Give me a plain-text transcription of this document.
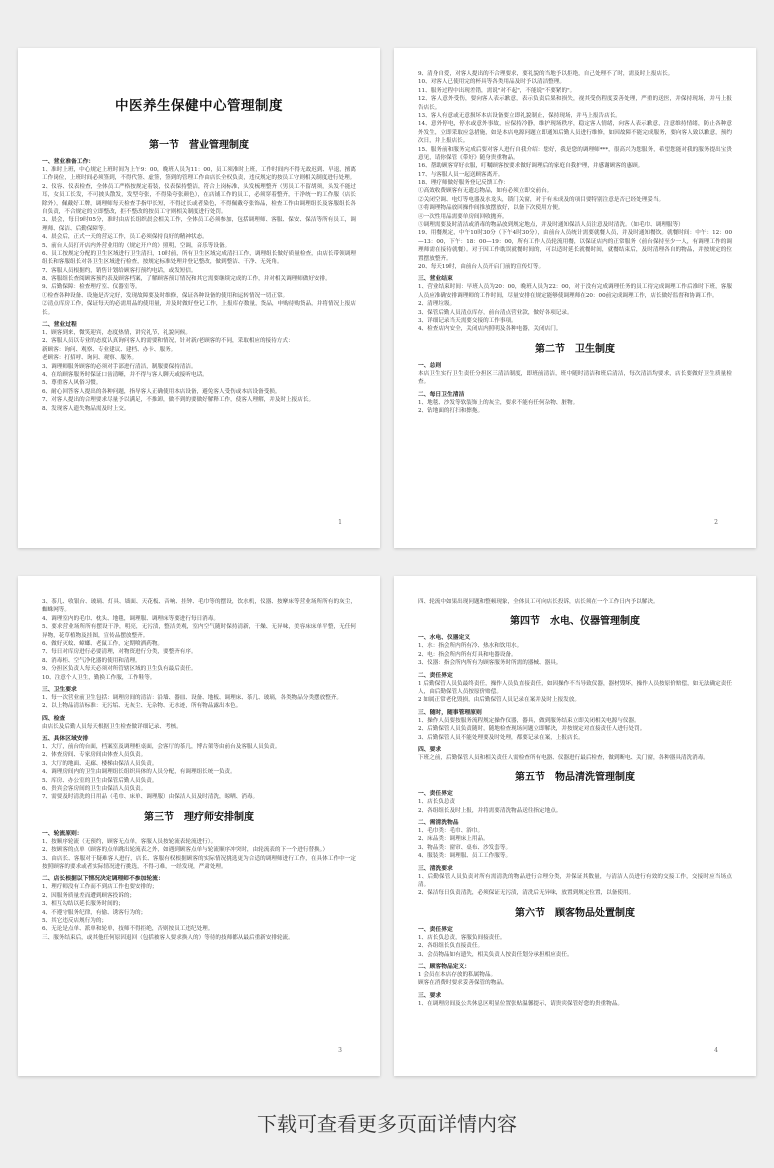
中医养生保健中心管理制度
第一节　营业管理制度
一、营业准备工作：
1、准时上班，中心规定上班时间为上午9：00，晚班人员为11：00，员工须准时上班，工作时间内不得无故迟到、早退，擅离工作岗位，上班时间必须签到，不得代签、虚签，签到的管理工作由店长全权负责，违反规定的按员工守则相关制度进行处理。
2、仪容、仪表检查，全体员工严格按规定着装，仪表保持整洁，符合上岗标准，头发梳理整齐（男员工不留胡须，头发不能过耳，女员工长发，不可披头散发，发型夸张，不得染夸张颜色），在店铺工作的员工，必须穿着整齐，干净统一的工作服（店长除外），佩戴好工牌，调理师每天检查手指甲长短，不得过长或者染色，不得佩戴夸张饰品，检查工作由调理组长及客服组长各自负责，不合规定的立即整改，拒不整改的按员工守则相关制度进行处罚。
3、晨会，每日9时05分，准时由店长组织晨会相关工作，全体员工必须参加，包括调理师、客服、保安、保洁等所有员工，调理师、保洁、后勤保障等。
4、晨会后，正式一天的营运工作，员工必须保持良好的精神状态。
5、前台人员打开店内外营业用的（规定开户的）照明，空调，音乐等设备。
6、员工按规定分配的卫生区域进行卫生清扫，10时前，所有卫生区域完成清扫工作，调理组长做好质量检查，由店长带领调理组长和客服组长对各卫生区域进行检查，按规定标准处理并登记整改，做到整洁、干净、无死角。
7、客服人员根据约，销售计划给顾客打预约电话，或发短信。
8、客服组长查阅顾客预约表及顾客档案，了解顾客预订情况和其它需要继续完成的工作，并对相关调理师做好安排。
9、后勤保障：检查理疗室、仪器室等。
①检查各种设备、设施是否完好，发现故障要及时维修，保证各种设备的使用和运转情况一切正常。
②清点库房工作，保证每天的必需用品的使用量，并及时做好登记工作，上报库存数量，货品，申购待购货品，并将情况上报店长。
二、营业过程
1、顾客到来，微笑迎宾，态度热情，讲究礼节，礼貌问候。
2、客服人员以专业的态度认真询问客人的需要和情况，针对新/老顾客的不同，采取相应的接待方式：
新顾客：询问、观察、专业建议、建档、办卡、服务。
老顾客：打招呼、询问、观察、服务。
3、调理师服务顾客的必须对手部进行清洁，制服要保持清洁。
4、在给顾客服务时保证口齿清晰，并不得与客人聊天或接听电话。
5、尊重客人风俗习惯。
6、耐心回答客人提出的各种问题，指导客人正确使用本店设备，避免客人受伤或本店设备受损。
7、对客人提出的合理要求尽量予以满足，不推卸，做不到的要做好解释工作，使客人理解，并及时上报店长。
8、发现客人遗失物品需及时上交。
1
9、清身自爱，对客人提出的不合理要求，要礼貌的当地予以拒绝，自己处理不了时，需及时上报店长。
10、对客人已使用完的杯具等各类用品及时予以清洁整理。
11、服务过程中出现差错，需说"对不起"，不能说"不要紧的"。
12、客人意外受伤，要向客人表示歉意，表示负责后果和损失，视其受伤程度妥善处理，严重的送医，并保持现场，并马上报告店长。
13、客人有意或无意损坏本店设备要立即礼貌制止，保持现场，并马上报告店长。
14、意外停电，停水或意外事故，应保持冷静，维护现场秩序，稳定客人情绪，向客人表示歉意，注意维持情绪，防止各种意外发生，立即采取应急措施，如是本店电源问题立即通知后勤人员进行维修，如因故障不能完成服务，要向客人致以歉意，预约次日，并上报店长。
15、服务前和服务完成后要对客人进行自我介绍：您好，我是您的调理师***，很高兴为您服务，希望您能对我的服务提出宝贵意见，请你保管《带好》随身贵重物品。
16、帮助顾客穿好衣服，叮嘱顾客按要求做好调理后的家庭自我护理，并感谢顾客的惠顾。
17、与客服人员一起送顾客离开。
18、理疗师做好服务登记反馈工作：
①高效收费顾客有无遗忘物品，如有必须立即交前台。
②关闭空调、电灯等电器及水龙头，锁门关窗，对于有未成及的项目要特别注意是否已经处理妥当。
③将调理物品放回操作间推放摆放好，以备下次使用方便。
④一次性用品需要单房间回收抛弃。
⑤调理需要及时清洁或消毒的物品放到规定地点，并及时通知保洁人员注意及时清洗。（如毛巾、调理服等）
19、用餐规定，中午10时30分（下午4时30分），由前台人员统计需要就餐人员，并及时通知餐饮。就餐时间：中午：12：00—13：00，下午：18：00—19：00，所有工作人员轮流用餐，以保证店内的正常服务（前台保持至少一人，有调理工作的调理师需在接待就餐）。对于因工作耽误就餐时间的，可以适时延长就餐时间，就餐结束后，及时清理各自的物品，并按规定的位置摆放整齐。
20、每天19时，由前台人员开启门前的宣传灯等。
三、营业结束
1、营业结束时间：早班人员为20：00，晚班人员为22：00，对于没有完成调理任务的员工待完成调理工作后准时下班，客服人员应准确安排调理师的工作时间，尽量安排在规定能够使调理师在20：00前完成调理工作，店长做好监督和协调工作。
2、清理垃圾。
3、保管后勤人员清点库存，前台清点营业款，做好各项记录。
3、详细记录当天需要交接的工作事项。
4、检查店内安全，关闭店内照明及各种电器，关闭店门。
第二节　卫生制度
一、总则
本店卫生实行卫生责任分担区三清洁制度，即班前清洁，班中随时清洁和班后清洁，每次清洁均要求，店长要做好卫生质量检查。
二、每日卫生清洁
1、地毯、沙发等软装饰上的灰尘，要求不能有任何杂物、脏物。
2、钻地面的打扫和擦拖。
2
3、茶几、收银台、玻璃、灯具、墙面、天花板、音响、挂钟、毛巾等的摆设，饮水机，仪器、按摩床等营业场所所有的灰尘，蜘蛛网等。
4、调理室内的毛巾、枕头、地毯，调理服、调理床等要进行每日消毒。
5、要求营业场所所有摆设干净，明亮，无污渍，整洁美观，室内空气随时保持清新，干燥、无异味，美容床床单平整，无任何异物，花草植物及挂图，宣传品摆放整齐。
6、做好灭蚊、蟑螂、老鼠工作，定期喷洒药物。
7、每日对库房进行必要清理，对物资进行分类，要整齐有序。
8、消毒柜、空气净化器的使用和清理。
9、分担区负责人每天必须对所管辖区域的卫生负有最后责任。
10、注意个人卫生，勤换工作服，工作鞋等。
三、卫生要求
1、每一次营业前卫生包括：调理房间的清洁：沿墙、器皿、设备、地板、调理床、茶几、玻璃，各类物品分类摆放整齐。
2、以上物品清洁标准：无污垢、无灰尘、无杂物、无水迹，所有物品露出本色。
四、检查
由店长及后勤人员每天根据卫生检查做详细记录、考核。
五、具体区域安排
1、大厅，前台的台面，档案室及调理柜桌面，会客厅的茶几，博古架等由前台及客服人员负责。
2、体查房间、专家房间由体查人员负责。
3、大厅的地面、走廊、楼梯由保洁人员负责。
4、调理房间内的卫生由调理组长组织具体的人员分配，有调理组长统一负责。
5、库房、办公室的卫生由保管后勤人员负责。
6、贵宾会客房间的卫生由保洁人员负责。
7、需要及时清洗的日用品（毛巾、床单、调理服）由保洁人员及时清洗，晾晒、消毒。
第三节　理疗师安排制度
一、轮流原则：
1、按顺序轮流（无预约，顾客无点单，客服人员按轮流表轮流进行）。
2、按顾客的点单（顾客的点单跳出轮流表之外，如遇到顾客点单与轮流顺序冲突时，由轮流表的下一个进行替换。）
3、由店长、客服对于疑难客人进行，店长、客服有权根据顾客的实际情况挑选更为合适的调理师进行工作，在具体工作中一定按照顾客的要求或者实际情况进行挑选，不得刁难，一经发现，严肃处理。
二、店长根据以下情况决定调理师不参加轮流：
1、理疗师没有工作而不到店工作也要安排的；
2、因服务质量差而遭到顾客投诉的；
3、相互勾结以延长服务时间的；
4、不遵守服务纪律，有偷、诱客行为的；
5、其它违反店规行为的；
6、无论是点单、派单和轮单，技师不得拒绝，否则按员工违纪处理。
三、服务结束后，或其他任何原因退回（包括被客人要求换人的）等待的技师都从最后重新安排轮流。
3
四、轮流中如果出现问题和整顿现象，全体员工可向店长投诉，店长须在一个工作日内予以解决。
第四节　水电、仪器管理制度
一、水电、仪器定义
1、水：指会所内所有冷、热水和饮用水。
2、电：指会所内所有灯具和电器设备。
3、仪器：指会所内所有为顾客服务时所需的器械、器具。
二、责任界定
1 后勤保管人员负最终责任，操作人员负直接责任，如因操作不当导致仪器，器材毁坏，操作人员按原价赔偿，如无法确定责任人，由后勤保管人员按原价赔偿。
2 如属正常老化毁损，由后勤保管人员记录在案并及时上报发放。
三、随时，随事管理原则
1、操作人员要按服务流程规定操作仪器，器具，做到服务结束立即关闭相关电源与仪器。
2、后勤保管人员负责随时，随地检查现场问题立即解决，并按规定对直接责任人进行处罚。
3、后勤保管人员不能处理要及时处理，都要记录在案，上报店长。
四、要求
下班之前，后勤保管人员和相关责任人需检查所有电器、仪器进行最后检查，做到断电、关门窗，各种器具清洗消毒。
第五节　物品清洗管理制度
一、责任界定
1、店长负总责
2、各组组长及时上报，并将需要清洗物品送往指定地点。
二、需清洗物品
1、毛巾类：毛巾、浴巾。
2、床品类：调理床上用品。
3、物品类：窗帘、桌布、沙发套等。
4、服装类：调理服、员工工作服等。
三、清洗要求
1、后勤保管人员负责对所有需清洗的物品进行合理分类，并保证其数量，与清洁人员进行有效的交接工作，交接时应当场点清。
2、保洁每日负责清洗，必须保证无污渍，清洗后无异味，放置到规定位置，以备使用。
第六节　顾客物品处置制度
一、责任界定
1、店长负总责，客服负间接责任。
2、各组组长负直接责任。
3、会员物品如有遗失，相关负责人按责任划分承担相应责任。
二、顾客物品定义：
1 会员在本店存放的私属物品。
顾客在消费时要求妥善保管的物品。
三、要求
1、在调理房间及公共休息区明显位置张贴温馨提示，请贵宾保管好您的贵重物品。
4
下载可查看更多页面详情内容
